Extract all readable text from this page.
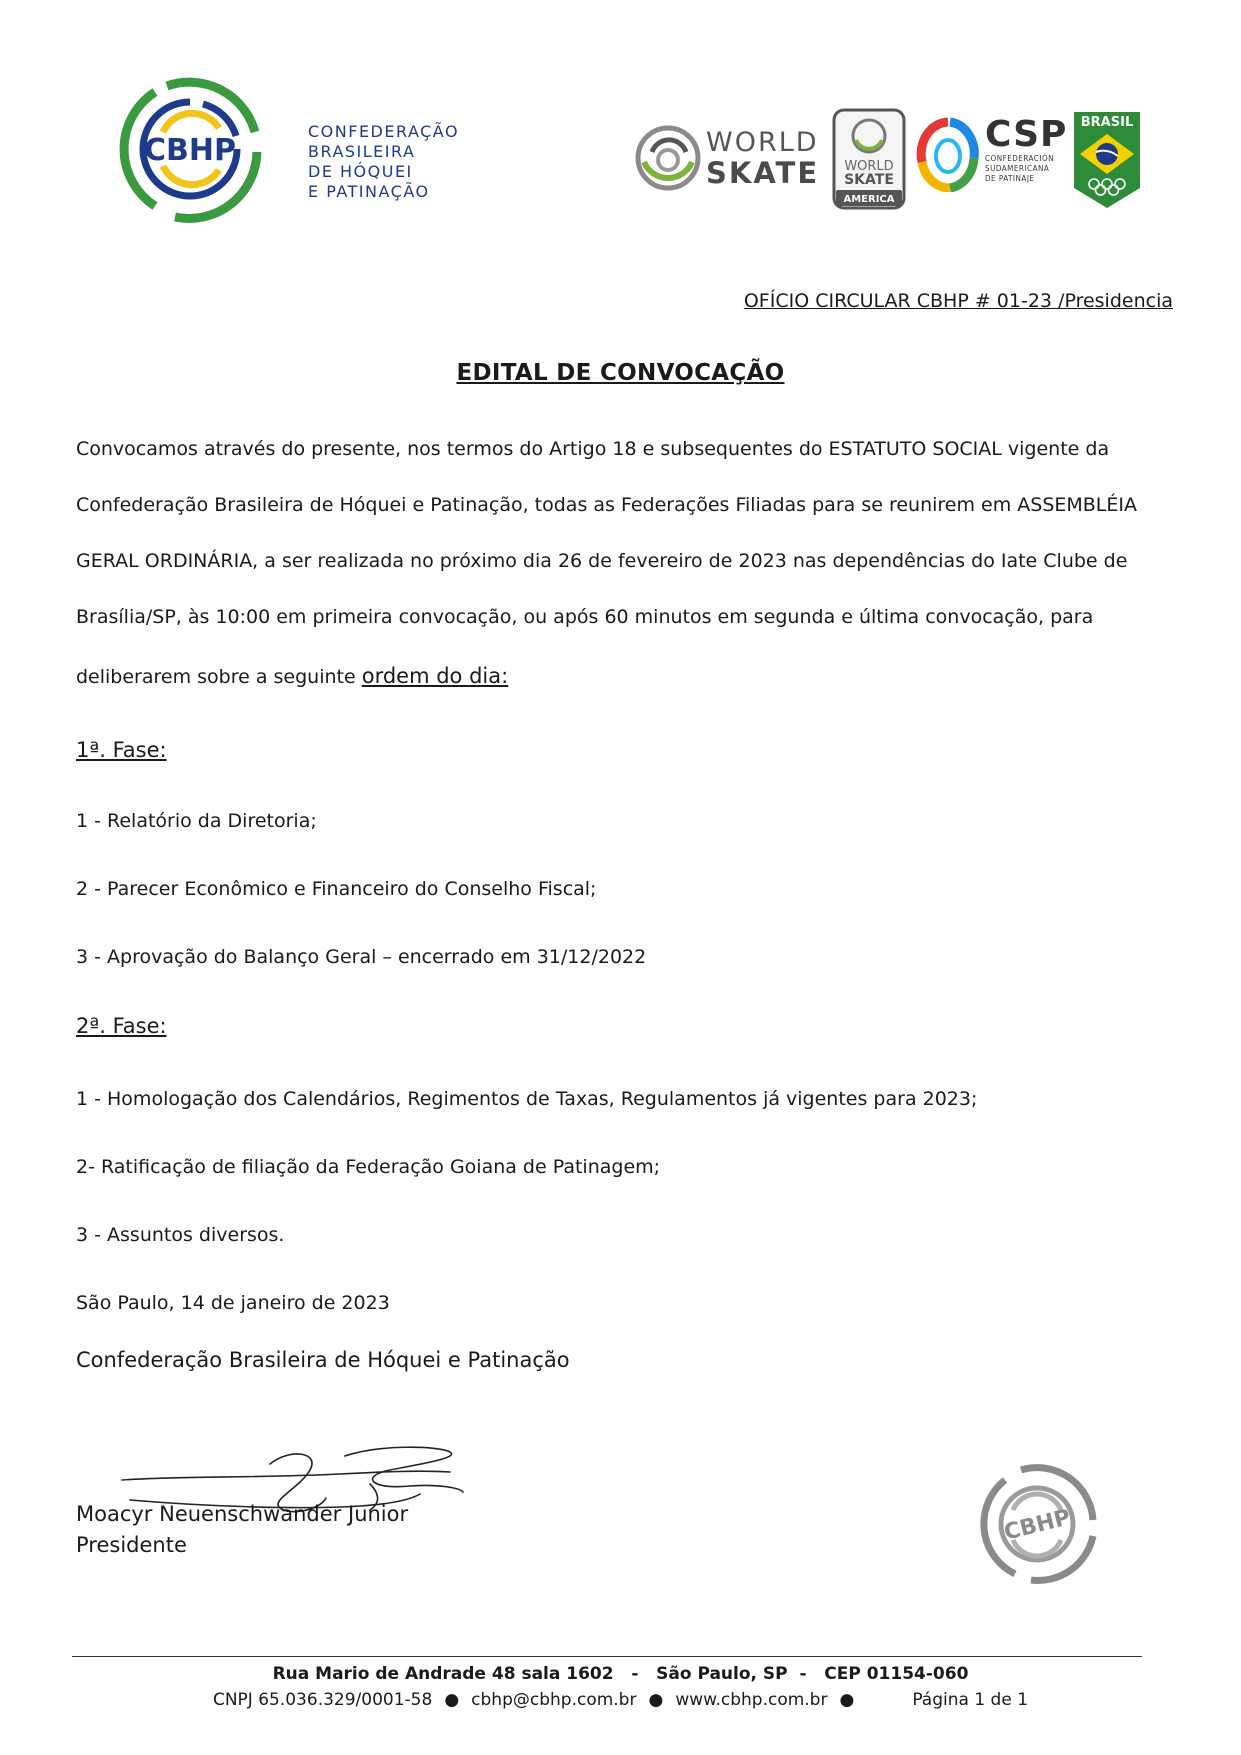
CBHP
CONFEDERAÇÃO
BRASILEIRA
DE HÓQUEI
E PATINAÇÃO
WORLD
SKATE WORLD
SKATE
AMERICA
CSP
CONFEDERACIÓN
SUDAMERICANA
DE PATINAJE
BRASIL
OFÍCIO CIRCULAR CBHP # 01-23 /Presidencia
EDITAL DE CONVOCAÇÃO
Convocamos através do presente, nos termos do Artigo 18 e subsequentes do ESTATUTO SOCIAL vigente da
Confederação Brasileira de Hóquei e Patinação, todas as Federações Filiadas para se reunirem em ASSEMBLÉIA
GERAL ORDINÁRIA, a ser realizada no próximo dia 26 de fevereiro de 2023 nas dependências do Iate Clube de
Brasília/SP, às 10:00 em primeira convocação, ou após 60 minutos em segunda e última convocação, para
deliberarem sobre a seguinte ordem do dia:
1ª. Fase:
1 - Relatório da Diretoria;
2 - Parecer Econômico e Financeiro do Conselho Fiscal;
3 - Aprovação do Balanço Geral – encerrado em 31/12/2022
2ª. Fase:
1 - Homologação dos Calendários, Regimentos de Taxas, Regulamentos já vigentes para 2023;
2- Ratificação de filiação da Federação Goiana de Patinagem;
3 - Assuntos diversos.
São Paulo, 14 de janeiro de 2023
Confederação Brasileira de Hóquei e Patinação
Moacyr Neuenschwander Junior
Presidente	CBHP
Rua Mario de Andrade 48 sala 1602   -   São Paulo, SP  -   CEP 01154-060
CNPJ 65.036.329/0001-58 ● cbhp@cbhp.com.br ● www.cbhp.com.br ●	Página 1 de 1
